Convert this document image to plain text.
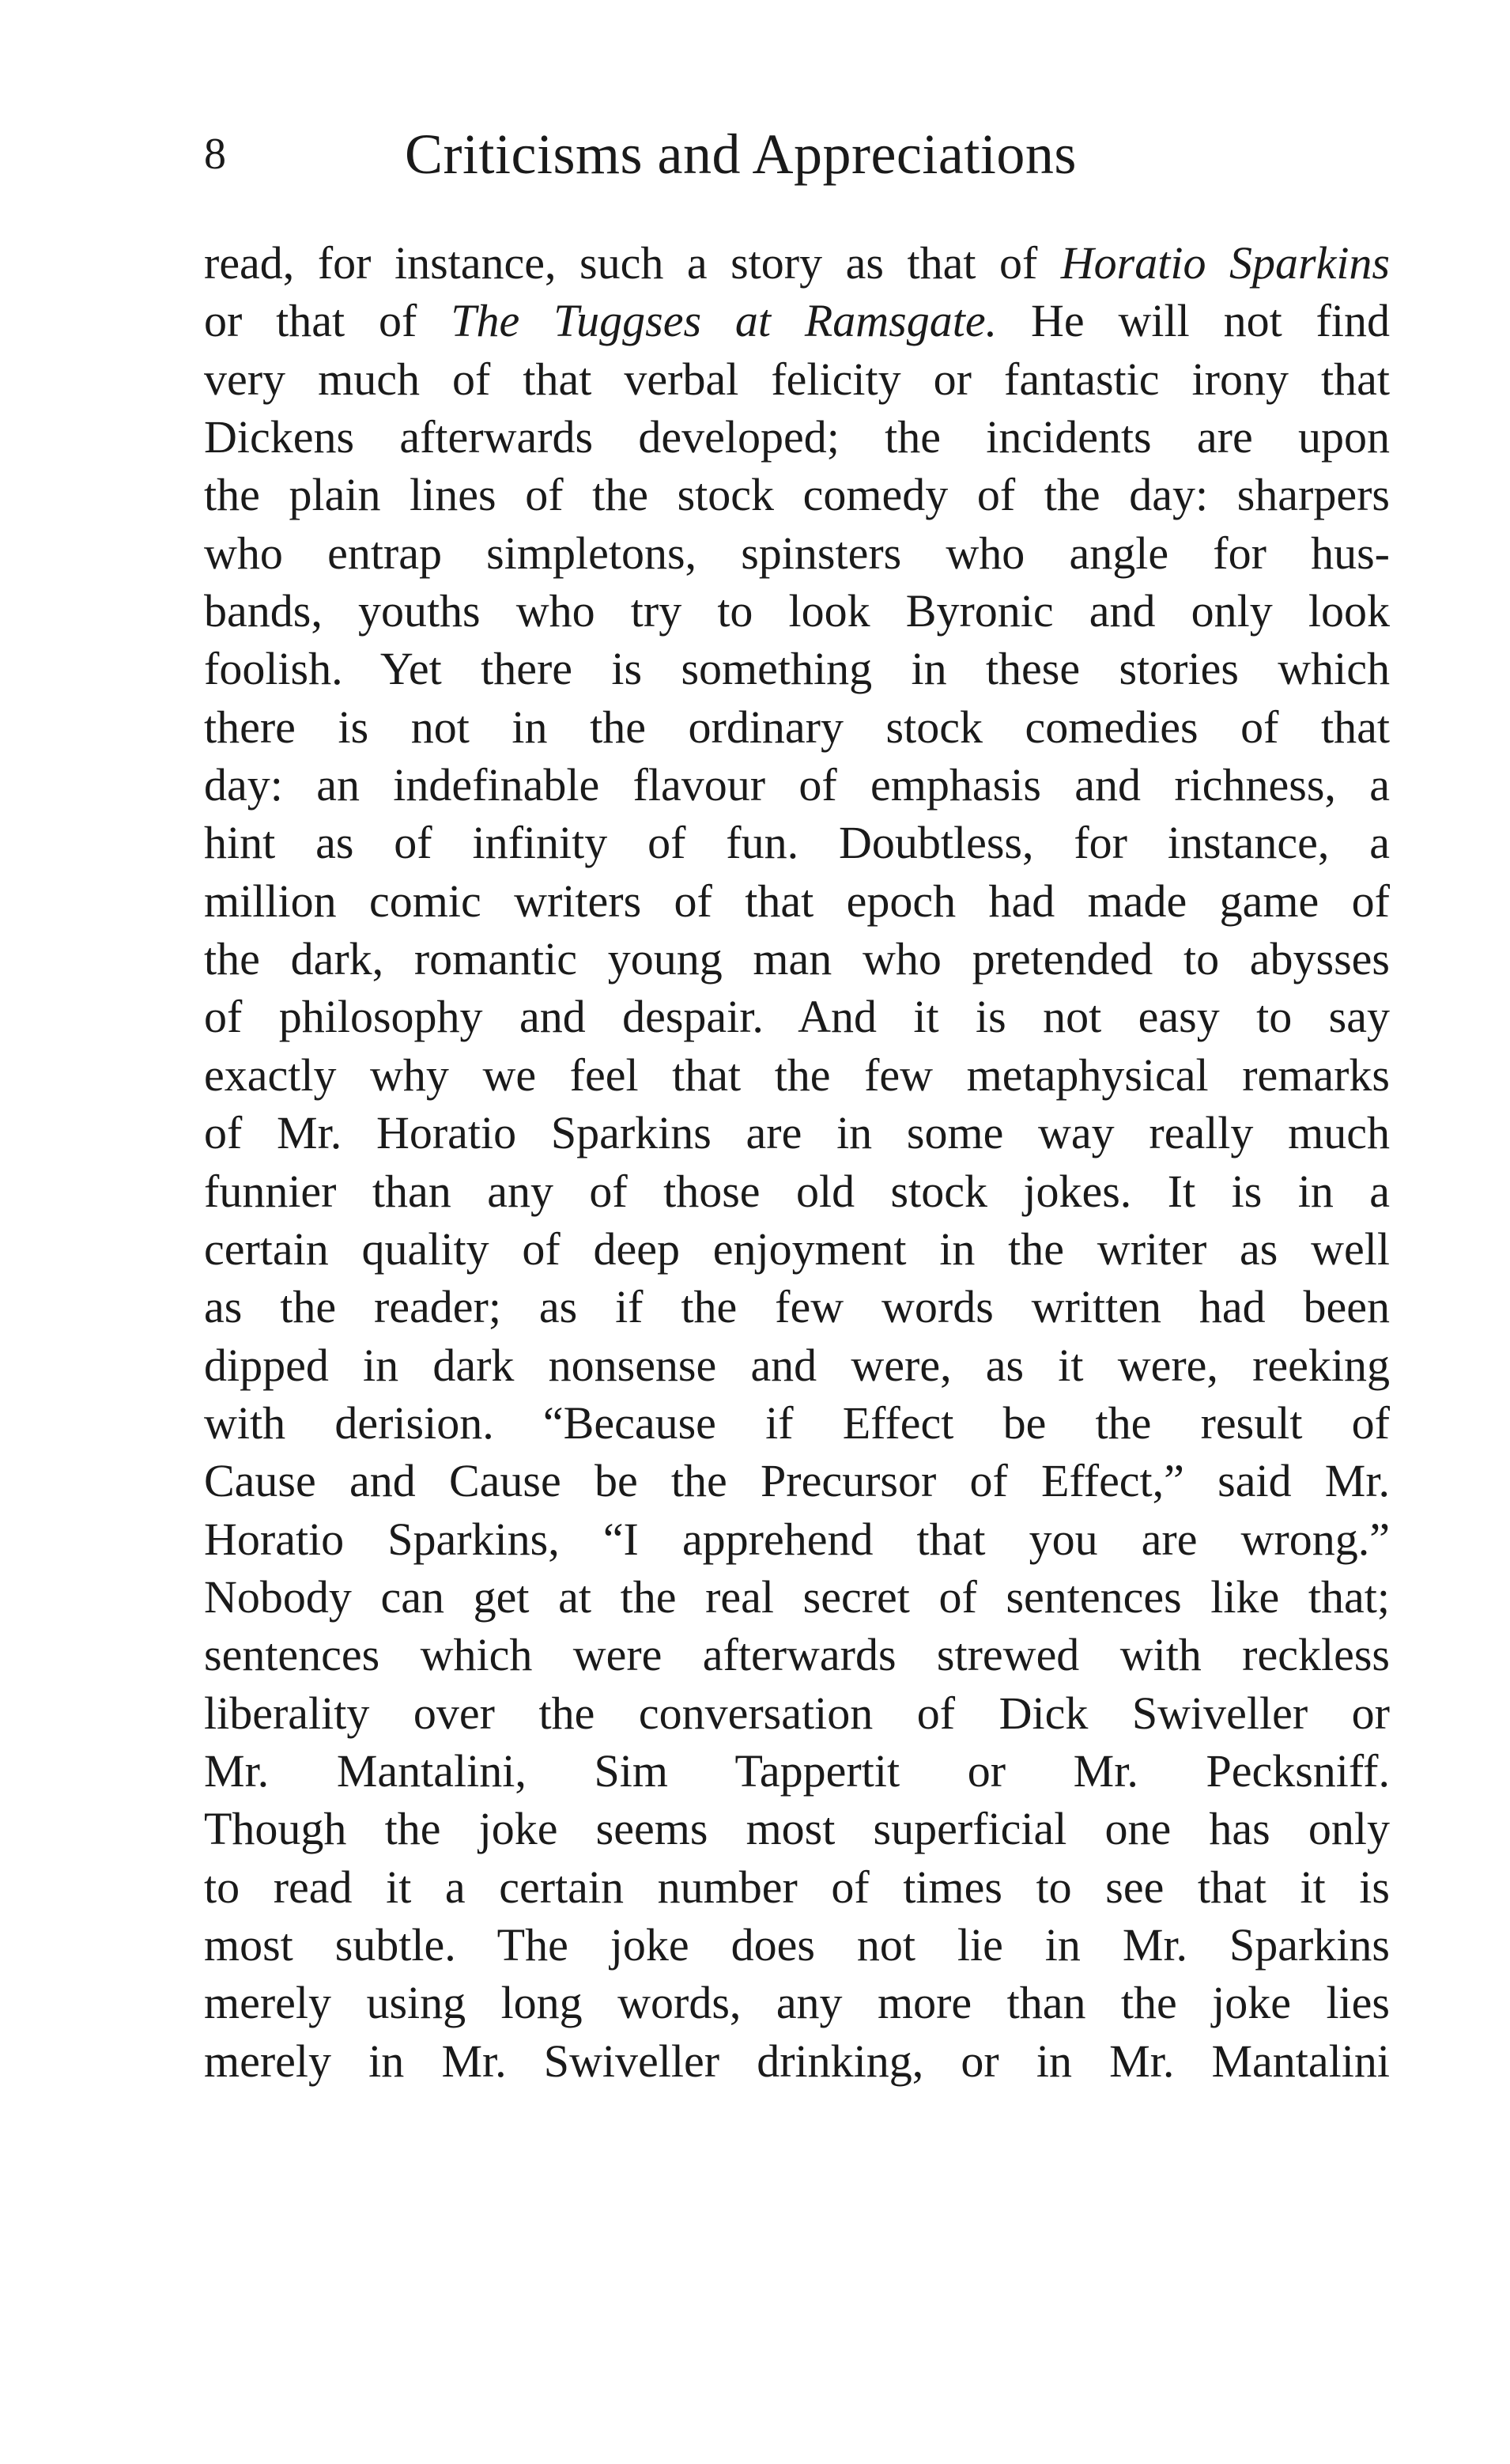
8	Criticisms and Appreciations
read, for instance, such a story as that of Horatio Sparkins
or that of The Tuggses at Ramsgate. He will not find
very much of that verbal felicity or fantastic irony that
Dickens afterwards developed; the incidents are upon
the plain lines of the stock comedy of the day: sharpers
who entrap simpletons, spinsters who angle for hus-
bands, youths who try to look Byronic and only look
foolish. Yet there is something in these stories which
there is not in the ordinary stock comedies of that
day: an indefinable flavour of emphasis and richness, a
hint as of infinity of fun. Doubtless, for instance, a
million comic writers of that epoch had made game of
the dark, romantic young man who pretended to abysses
of philosophy and despair. And it is not easy to say
exactly why we feel that the few metaphysical remarks
of Mr. Horatio Sparkins are in some way really much
funnier than any of those old stock jokes. It is in a
certain quality of deep enjoyment in the writer as well
as the reader; as if the few words written had been
dipped in dark nonsense and were, as it were, reeking
with derision. “Because if Effect be the result of
Cause and Cause be the Precursor of Effect,” said Mr.
Horatio Sparkins, “I apprehend that you are wrong.”
Nobody can get at the real secret of sentences like that;
sentences which were afterwards strewed with reckless
liberality over the conversation of Dick Swiveller or
Mr. Mantalini, Sim Tappertit or Mr. Pecksniff.
Though the joke seems most superficial one has only
to read it a certain number of times to see that it is
most subtle. The joke does not lie in Mr. Sparkins
merely using long words, any more than the joke lies
merely in Mr. Swiveller drinking, or in Mr. Mantalini
